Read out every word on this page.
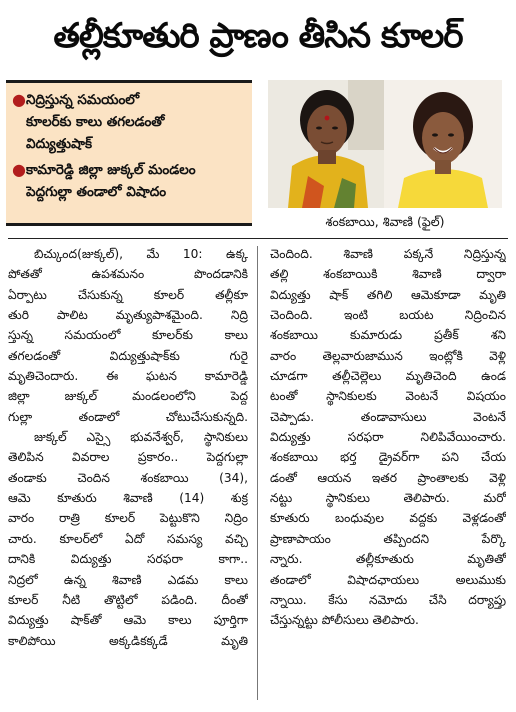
తల్లీకూతురి ప్రాణం తీసిన కూలర్
● నిద్రిస్తున్న సమయంలో
కూలర్‌కు కాలు తగలడంతో
విద్యుత్తుషాక్
● కామారెడ్డి జిల్లా జుక్కల్ మండలం
పెద్దగుల్లా తండాలో విషాదం
శంకబాయి, శివాణి (ఫైల్)
బిచ్కుంద(జుక్కల్), మే 10: ఉక్క
పోతతో ఉపశమనం పొందడానికి
ఏర్పాటు చేసుకున్న కూలర్ తల్లీకూ
తురి పాలిట మృత్యుపాశమైంది. నిద్రి
స్తున్న సమయంలో కూలర్‌కు కాలు
తగలడంతో విద్యుత్తుషాక్‌కు గురై
మృతిచెందారు. ఈ ఘటన కామారెడ్డి
జిల్లా జుక్కల్ మండలంలోని పెద్ద
గుల్లా తండాలో చోటుచేసుకున్నది.
జుక్కల్ ఎస్సై భువనేశ్వర్, స్థానికులు
తెలిపిన వివరాల ప్రకారం.. పెద్దగుల్లా
తండాకు చెందిన శంకబాయి (34),
ఆమె కూతురు శివాణి (14) శుక్ర
వారం రాత్రి కూలర్ పెట్టుకొని నిద్రిం
చారు. కూలర్‌లో ఏదో సమస్య వచ్చి
దానికి విద్యుత్తు సరఫరా కాగా..
నిద్రలో ఉన్న శివాణి ఎడమ కాలు
కూలర్ నీటి తొట్టిలో పడింది. దీంతో
విద్యుత్తు షాక్‌తో ఆమె కాలు పూర్తిగా
కాలిపోయి అక్కడికక్కడే మృతి
చెందింది. శివాణి పక్కనే నిద్రిస్తున్న
తల్లి శంకబాయికి శివాణి ద్వారా
విద్యుత్తు షాక్ తగిలి ఆమెకూడా మృతి
చెందింది. ఇంటి బయట నిద్రించిన
శంకబాయి కుమారుడు ప్రతీక్ శని
వారం తెల్లవారుజామున ఇంట్లోకి వెళ్లి
చూడగా తల్లీచెల్లెలు మృతిచెంది ఉండ
టంతో స్థానికులకు వెంటనే విషయం
చెప్పాడు. తండావాసులు వెంటనే
విద్యుత్తు సరఫరా నిలిపివేయించారు.
శంకబాయి భర్త డ్రైవర్‌గా పని చేయ
డంతో ఆయన ఇతర ప్రాంతాలకు వెళ్లి
నట్టు స్థానికులు తెలిపారు. మరో
కూతురు బంధువుల వద్దకు వెళ్లడంతో
ప్రాణాపాయం తప్పిందని పేర్కొ
న్నారు. తల్లీకూతురు మృతితో
తండాలో విషాదఛాయలు అలుముకు
న్నాయి. కేసు నమోదు చేసి దర్యాప్తు
చేస్తున్నట్టు పోలీసులు తెలిపారు.
